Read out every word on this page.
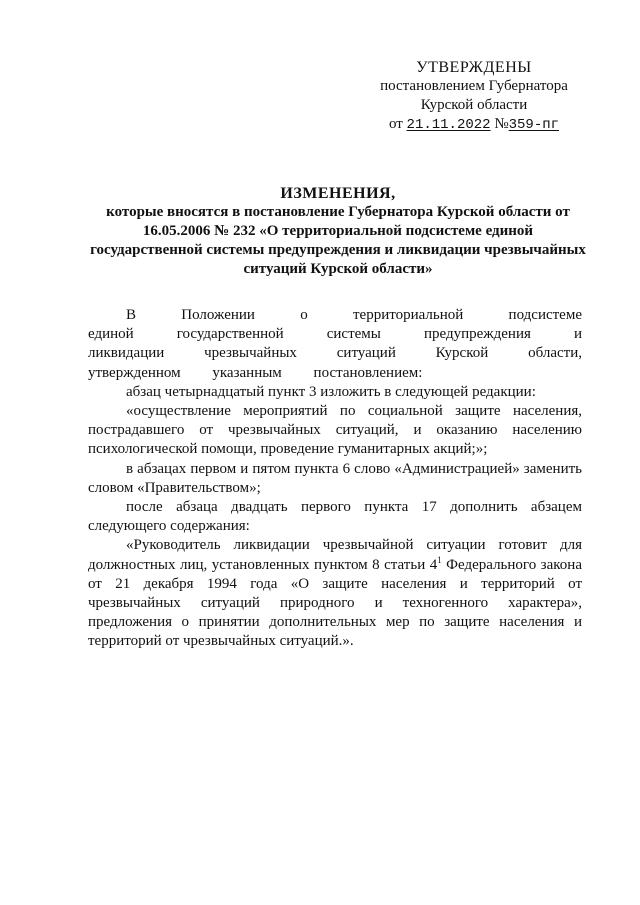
УТВЕРЖДЕНЫ
постановлением Губернатора
Курской области
от 21.11.2022 №359-пг
ИЗМЕНЕНИЯ,
которые вносятся в постановление Губернатора Курской области от 16.05.2006 № 232 «О территориальной подсистеме единой государственной системы предупреждения и ликвидации чрезвычайных ситуаций Курской области»

В Положении о территориальной подсистеме единой государственной системы предупреждения и ликвидации чрезвычайных ситуаций Курской области, утвержденном указанным постановлением:

абзац четырнадцатый пункт 3 изложить в следующей редакции:

«осуществление мероприятий по социальной защите населения, пострадавшего от чрезвычайных ситуаций, и оказанию населению психологической помощи, проведение гуманитарных акций;»;

в абзацах первом и пятом пункта 6 слово «Администрацией» заменить словом «Правительством»;

после абзаца двадцать первого пункта 17 дополнить абзацем следующего содержания:

«Руководитель ликвидации чрезвычайной ситуации готовит для должностных лиц, установленных пунктом 8 статьи $4^1$ Федерального закона от 21 декабря 1994 года «О защите населения и территорий от чрезвычайных ситуаций природного и техногенного характера», предложения о принятии дополнительных мер по защите населения и территорий от чрезвычайных ситуаций.».
